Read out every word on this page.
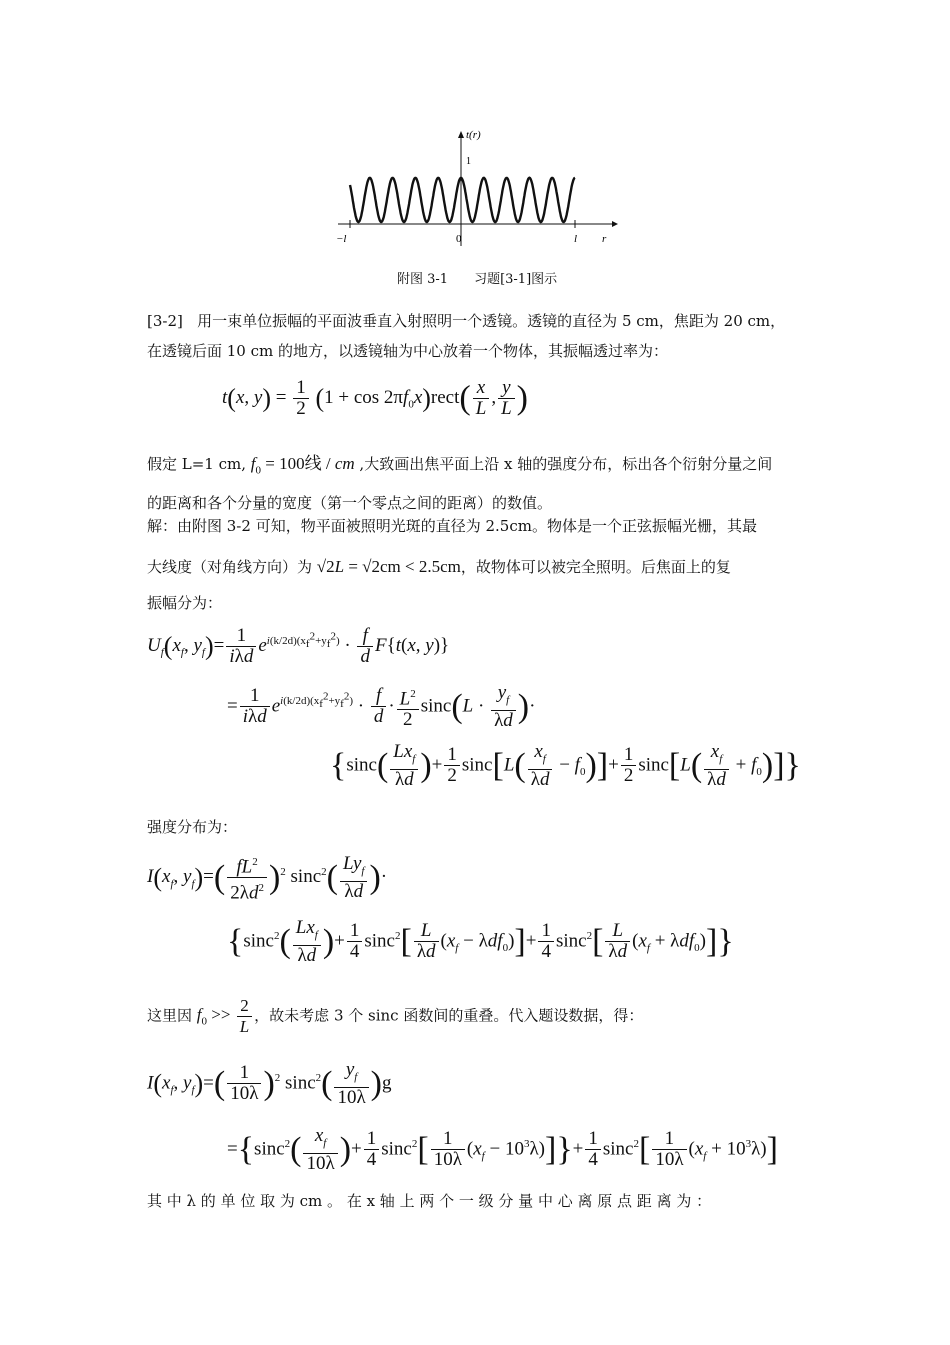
t(r)
1
−l	0	l r
附图 3-1　　习题[3-1]图示
[3-2] 用一束单位振幅的平面波垂直入射照明一个透镜。透镜的直径为 5 cm，焦距为 20 cm，
在透镜后面 10 cm 的地方，以透镜轴为中心放着一个物体，其振幅透过率为：
t(x, $y) = \frac{1}{2} (1 + \cos$ $2\pi f_0x)rect( \frac{x}{L}$ , $\frac{y}{L}$ )
假定 L=1 cm, $f_0 = 100$线 / cm ,大致画出焦平面上沿 x 轴的强度分布，标出各个衍射分量之间
的距离和各个分量的宽度（第一个零点之间的距离）的数值。
解：由附图 3-2 可知，物平面被照明光斑的直径为 2.5cm。物体是一个正弦振幅光栅，其最
大线度（对角线方向）为 √2L = √2cm < 2.5cm，故物体可以被完全照明。后焦面上的复
振幅分为：
$U_f(x_f$, $y_f)= \frac{1}{\text{iλd}} e^{i(k/2d)(x_f^2+y_f^2)} \cdot \frac{f}{d} F\{t(x$, y)}
= $\frac{1}{\text{iλd}} e^{i(k/2d)(x_f^2+y_f^2)} \cdot \frac{f}{d} \cdot \frac{L^2}{2} \sin c(L \cdot \frac{y_f}{\lambda d}$ )·
{$\sin c( \frac{Lx_f}{\lambda d}$ )+ $\frac{1}{2} \sin c[L( \frac{x_f}{\lambda d} - f_0)]+ \frac{1}{2} \sin c[L( \frac{x_f}{\lambda d} + f_0)]$}
强度分布为：
$I(x_f$, $y_f)=( \frac{fL^2}{2\lambda d^2} )^2$ $\sin c^2( \frac{Ly_f}{\lambda d}$ )·
{$\sin c^2( \frac{Lx_f}{\lambda d}$ )+ $\frac{1}{4} \sin c^2[ \frac{L}{\lambda d} (x_f - \lambda df_0)]+ \frac{1}{4} \sin c^2[ \frac{L}{\lambda d} (x_f + \lambda df_0)]$}
这里因 $f_0 >> \frac{2}{L}$ ，故未考虑 3 个 sinc 函数间的重叠。代入题设数据，得：
$I(x_f$, $y_f)=( \frac{1}{10\lambda} )^2$ $\sin c^2( \frac{y_f}{10\lambda} )g$
$=\{\sin c^2( \frac{x_f}{10\lambda}$ )+ $\frac{1}{4} \sin c^2[ \frac{1}{10\lambda} (x_f - 10^3\lambda)]\}+ \frac{1}{4} \sin c^2[ \frac{1}{10\lambda} (x_f + 10^3\lambda)]$
其 中 λ 的 单 位 取 为 cm 。 在 x 轴 上 两 个 一 级 分 量 中 心 离 原 点 距 离 为 ：
